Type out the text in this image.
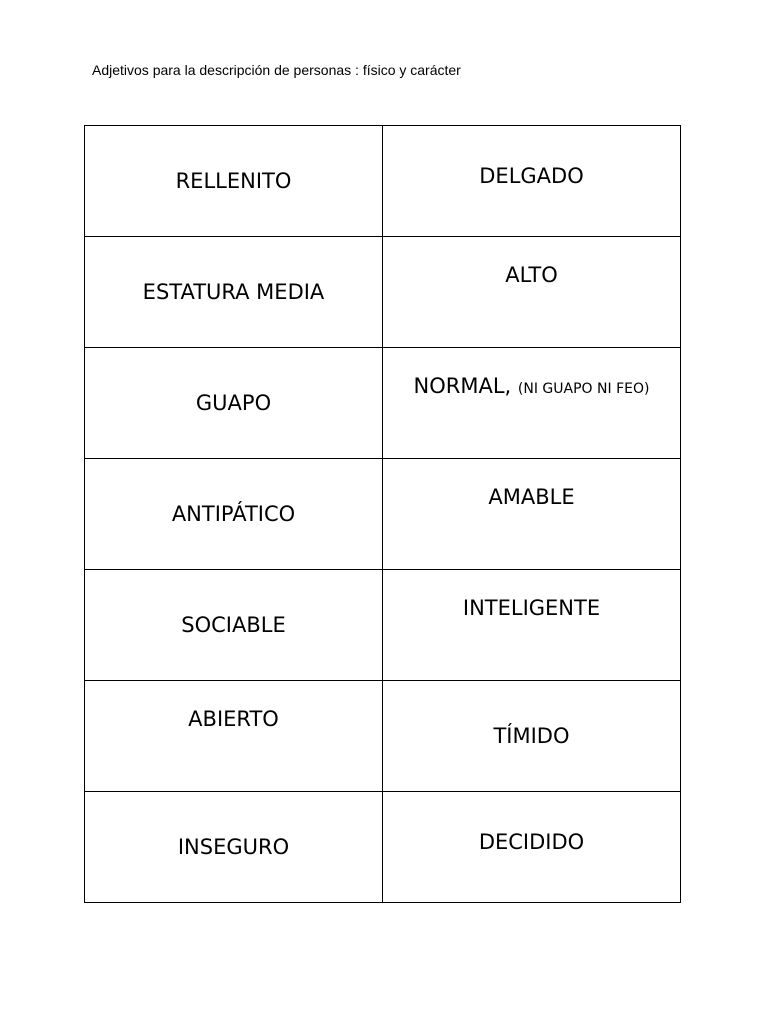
Adjetivos para la descripción de personas : físico y carácter
RELLENITO	DELGADO

ESTATURA MEDIA	ALTO

GUAPO	NORMAL, (NI GUAPO NI FEO)

ANTIPÁTICO	AMABLE

SOCIABLE	INTELIGENTE

ABIERTO	TÍMIDO

INSEGURO	DECIDIDO
